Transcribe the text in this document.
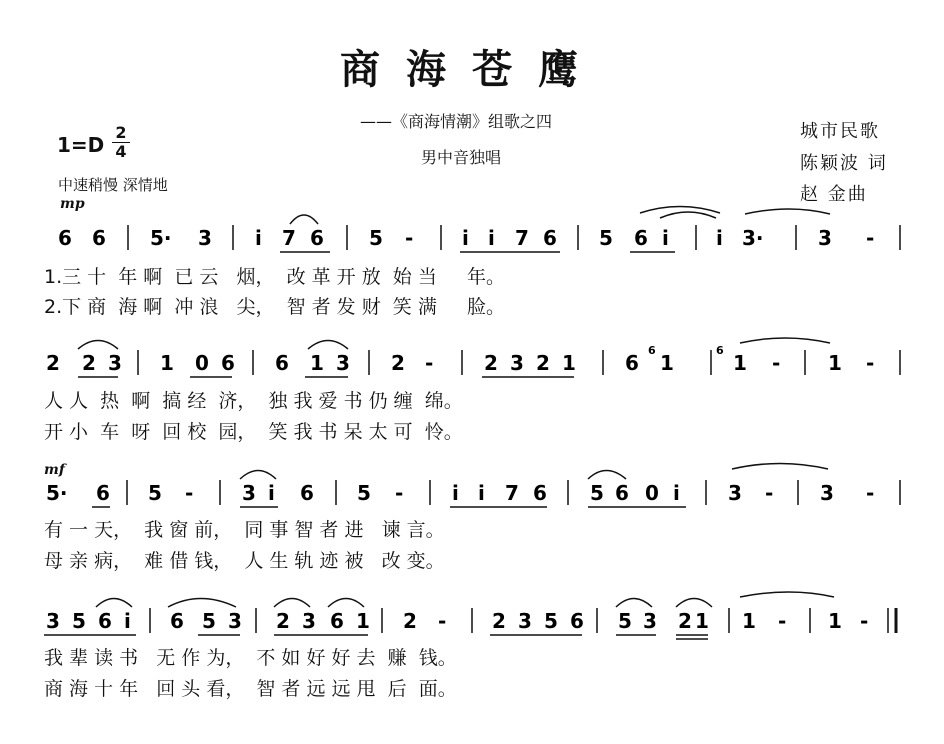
商海苍鹰
——《商海情潮》组歌之四
男中音独唱
城市民歌
陈颖波 词
赵 金曲
1=D
2
4
中速稍慢 深情地
mp
mf
6 6 5· 3 i 7 6 5 - i i 7 6 5 6 i i 3·	3 -
2 2 3 1 0 6 6 1 3 2 -	2 3 2 1 6 1
6	6
1 - 1 -
5· 6 5 - 3 i 6 5 - i i 7 6 5 6 0 i 3 - 3 -
3 5 6 i 6 5 3 2 3 6 1 2 - 2 3 5 6 5 3 2 1 1 - 1 -
1.三 十  年 啊  已 云   烟，  改 革 开 放  始 当     年。
2.下 商  海 啊  冲 浪   尖，  智 者 发 财  笑 满     脸。
人 人  热  啊  搞 经  济，  独 我 爱 书 仍 缠  绵。
开 小  车  呀  回 校  园，  笑 我 书 呆 太 可  怜。
有 一 天，  我 窗 前，  同 事 智 者 进   谏 言。
母 亲 病，  难 借 钱，  人 生 轨 迹 被   改 变。
我 辈 读 书   无 作 为，  不 如 好 好 去  赚  钱。
商 海 十 年   回 头 看，  智 者 远 远 甩  后  面。
